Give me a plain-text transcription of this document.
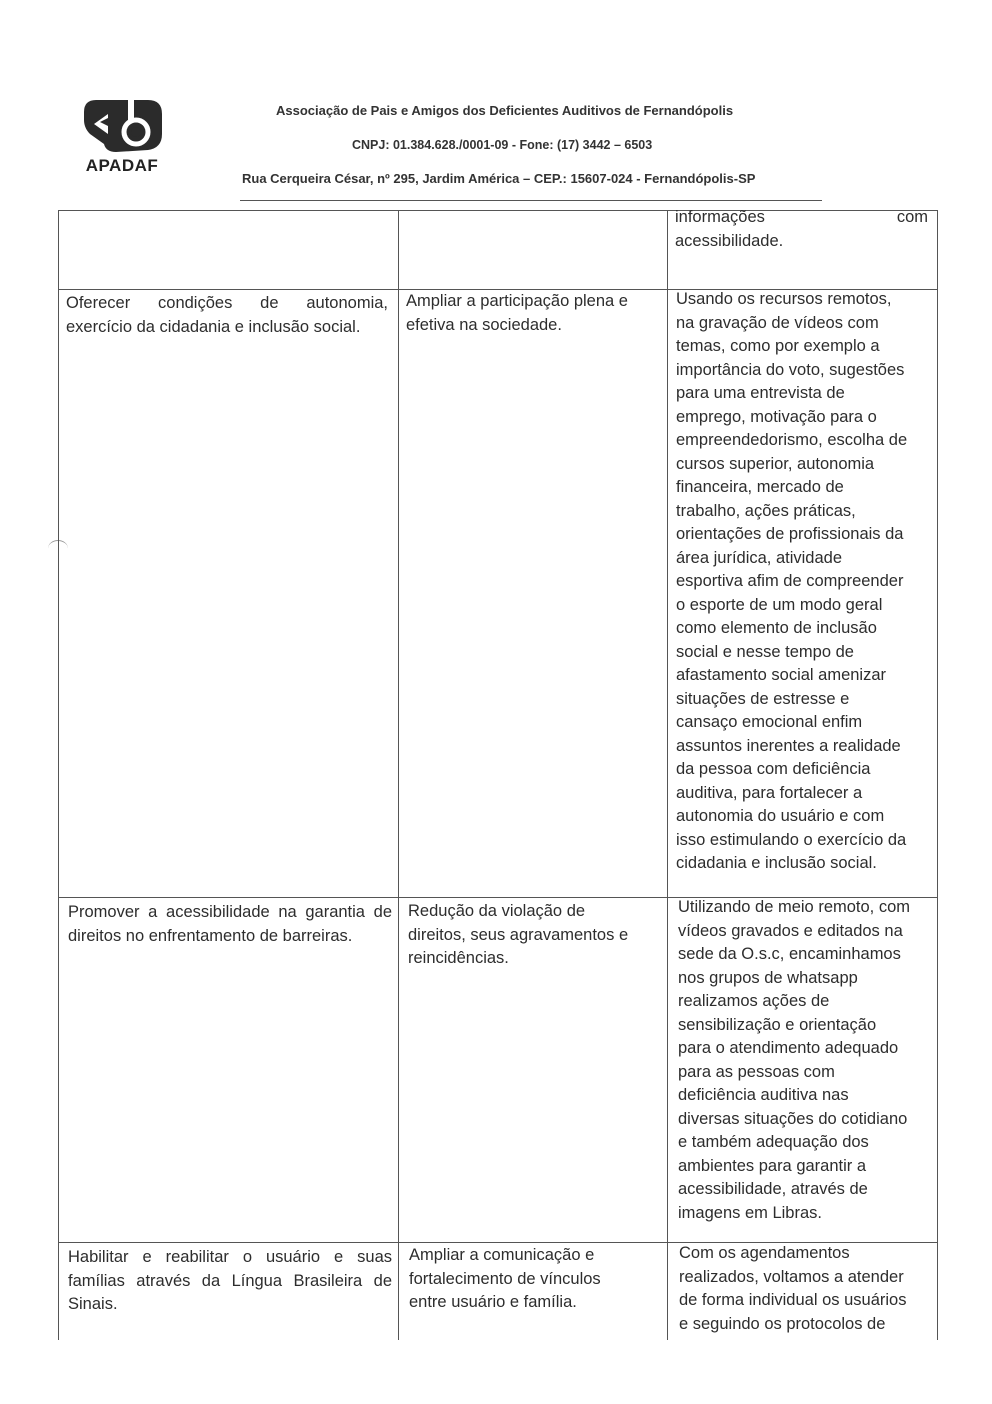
APADAF
Associação de Pais e Amigos dos Deficientes Auditivos de Fernandópolis
CNPJ: 01.384.628./0001-09 - Fone: (17) 3442 – 6503
Rua Cerqueira César, nº 295, Jardim América – CEP.: 15607-024 - Fernandópolis-SP
informações	com
acessibilidade.
Oferecer condições de autonomia, exercício da cidadania e inclusão social.
Ampliar a participação plena e efetiva na sociedade.
Usando os recursos remotos,
na gravação de vídeos com
temas, como por exemplo a
importância do voto, sugestões
para uma entrevista de
emprego, motivação para o
empreendedorismo, escolha de
cursos superior, autonomia
financeira, mercado de
trabalho, ações práticas,
orientações de profissionais da
área jurídica, atividade
esportiva afim de compreender
o esporte de um modo geral
como elemento de inclusão
social e nesse tempo de
afastamento social amenizar
situações de estresse e
cansaço emocional enfim
assuntos inerentes a realidade
da pessoa com deficiência
auditiva, para fortalecer a
autonomia do usuário e com
isso estimulando o exercício da
cidadania e inclusão social.
Promover a acessibilidade na garantia de direitos no enfrentamento de barreiras.
Redução da violação de
direitos, seus agravamentos e
reincidências.
Utilizando de meio remoto, com
vídeos gravados e editados na
sede da O.s.c, encaminhamos
nos grupos de whatsapp
realizamos ações de
sensibilização e orientação
para o atendimento adequado
para as pessoas com
deficiência auditiva nas
diversas situações do cotidiano
e também adequação dos
ambientes para garantir a
acessibilidade, através de
imagens em Libras.
Habilitar e reabilitar o usuário e suas famílias através da Língua Brasileira de Sinais.
Ampliar a comunicação e
fortalecimento de vínculos
entre usuário e família.
Com os agendamentos
realizados, voltamos a atender
de forma individual os usuários
e seguindo os protocolos de
